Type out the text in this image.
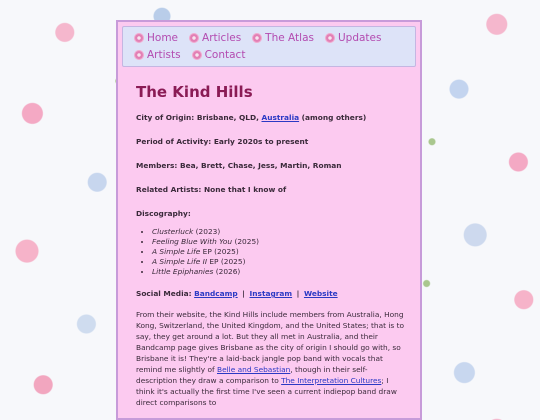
Home Articles The Atlas Updates
Artists Contact
The Kind Hills

City of Origin: Brisbane, QLD, Australia (among others)

Period of Activity: Early 2020s to present

Members: Bea, Brett, Chase, Jess, Martin, Roman

Related Artists: None that I know of

Discography:

• Clusterluck (2023)
• Feeling Blue With You (2025)
• A Simple Life EP (2025)
• A Simple Life II EP (2025)
• Little Epiphanies (2026)

Social Media: Bandcamp | Instagram | Website

From their website, the Kind Hills include members from Australia, Hong Kong, Switzerland, the United Kingdom, and the United States; that is to say, they get around a lot. But they all met in Australia, and their Bandcamp page gives Brisbane as the city of origin I should go with, so Brisbane it is! They're a laid-back jangle pop band with vocals that remind me slightly of Belle and Sebastian, though in their self-description they draw a comparison to The Interpretation Cultures; I think it's actually the first time I've seen a current indiepop band draw direct comparisons to
